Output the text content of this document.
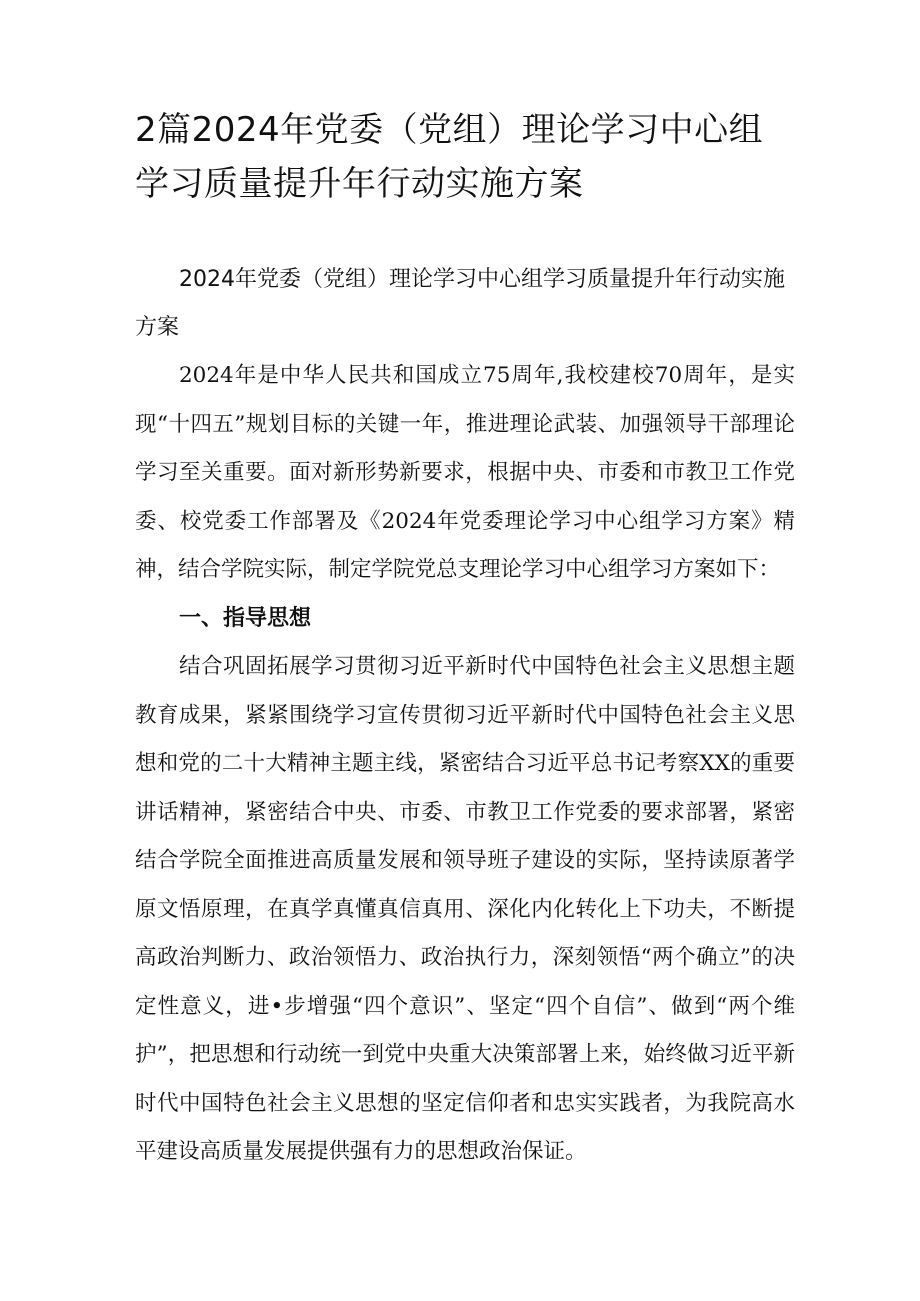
2篇2024年党委（党组）理论学习中心组学习质量提升年行动实施方案
2024年党委（党组）理论学习中心组学习质量提升年行动实施方案

2024年是中华人民共和国成立75周年,我校建校70周年，是实现“十四五”规划目标的关键一年，推进理论武装、加强领导干部理论学习至关重要。面对新形势新要求，根据中央、市委和市教卫工作党委、校党委工作部署及《2024年党委理论学习中心组学习方案》精神，结合学院实际，制定学院党总支理论学习中心组学习方案如下：

一、指导思想

结合巩固拓展学习贯彻习近平新时代中国特色社会主义思想主题教育成果，紧紧围绕学习宣传贯彻习近平新时代中国特色社会主义思想和党的二十大精神主题主线，紧密结合习近平总书记考察XX的重要讲话精神，紧密结合中央、市委、市教卫工作党委的要求部署，紧密结合学院全面推进高质量发展和领导班子建设的实际，坚持读原著学原文悟原理，在真学真懂真信真用、深化内化转化上下功夫，不断提高政治判断力、政治领悟力、政治执行力，深刻领悟“两个确立”的决定性意义，进•步增强“四个意识”、坚定“四个自信”、做到“两个维护”，把思想和行动统一到党中央重大决策部署上来，始终做习近平新时代中国特色社会主义思想的坚定信仰者和忠实实践者，为我院高水平建设高质量发展提供强有力的思想政治保证。
